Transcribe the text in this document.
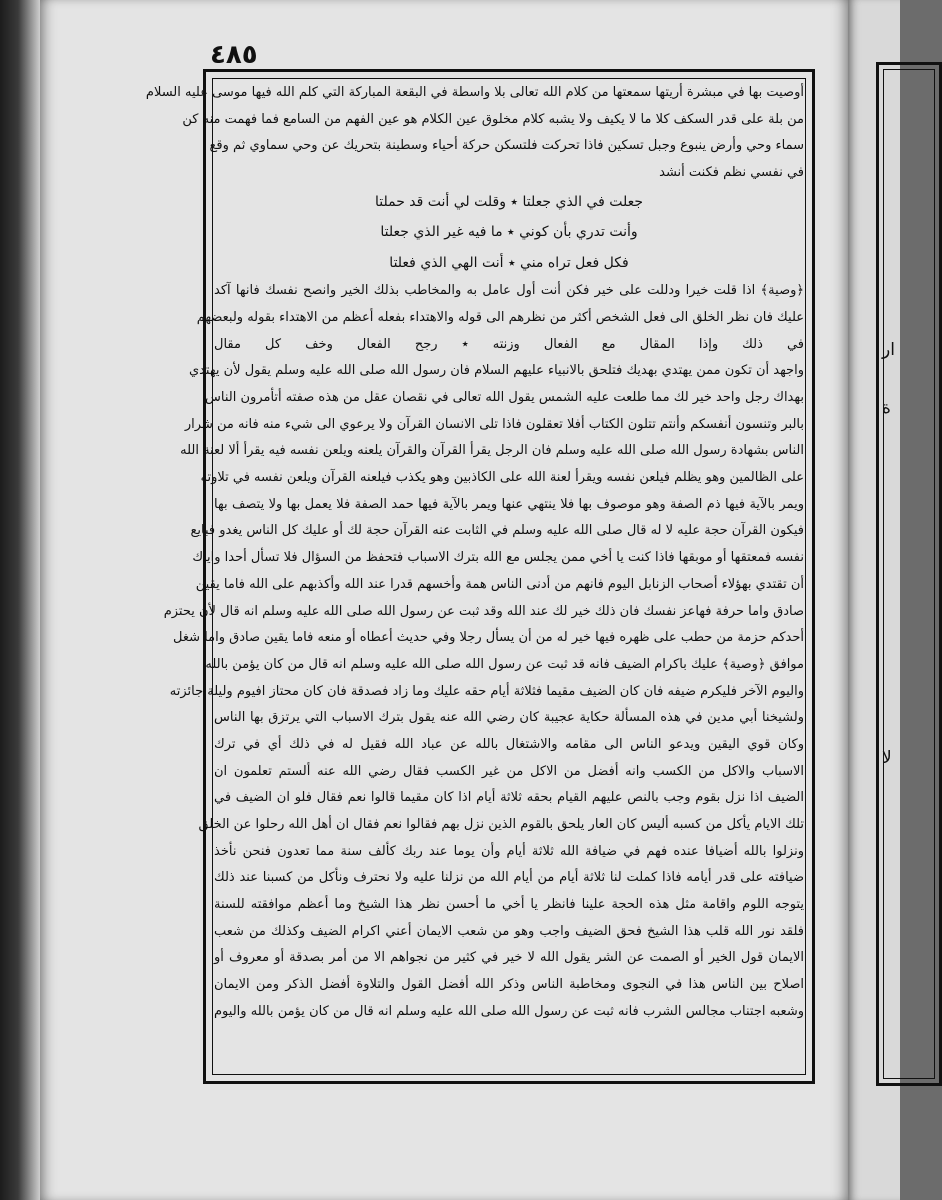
ار
ة
لا

٤٨٥

أوصيت بها في مبشرة أريتها سمعتها من كلام الله تعالى بلا واسطة في البقعة المباركة التي كلم الله فيها موسى عليه السلام

من بلة على قدر السكف كلا ما لا يكيف ولا يشبه كلام مخلوق عين الكلام هو عين الفهم من السامع فما فهمت منه كن

سماء وحي وأرض ينبوع وجبل تسكين فاذا تحركت فلتسكن حركة أحياء وسطينة بتحريك عن وحي سماوي ثم وقع

في نفسي نظم فكنت أنشد

جعلت في الذي جعلتا ٭ وقلت لي أنت قد حملتا

وأنت تدري بأن كوني ٭ ما فيه غير الذي جعلتا

فكل فعل تراه مني ٭ أنت الهي الذي فعلتا

﴿وصية﴾ اذا قلت خيرا ودللت على خير فكن أنت أول عامل به والمخاطب بذلك الخير وانصح نفسك فانها آكد

عليك فان نظر الخلق الى فعل الشخص أكثر من نظرهم الى قوله والاهتداء بفعله أعظم من الاهتداء بقوله ولبعضهم

في ذلك وإذا المقال مع الفعال وزنته ٭ رجح الفعال وخف كل مقال

واجهد أن تكون ممن يهتدي بهديك فتلحق بالانبياء عليهم السلام فان رسول الله صلى الله عليه وسلم يقول لأن يهتدي

بهداك رجل واحد خير لك مما طلعت عليه الشمس يقول الله تعالى في نقصان عقل من هذه صفته أتأمرون الناس

بالبر وتنسون أنفسكم وأنتم تتلون الكتاب أفلا تعقلون فاذا تلى الانسان القرآن ولا يرعوي الى شيء منه فانه من شرار

الناس بشهادة رسول الله صلى الله عليه وسلم فان الرجل يقرأ القرآن والقرآن يلعنه ويلعن نفسه فيه يقرأ ألا لعنة الله

على الظالمين وهو يظلم فيلعن نفسه ويقرأ لعنة الله على الكاذبين وهو يكذب فيلعنه القرآن ويلعن نفسه في تلاوته

ويمر بالآية فيها ذم الصفة وهو موصوف بها فلا ينتهي عنها ويمر بالآية فيها حمد الصفة فلا يعمل بها ولا يتصف بها

فيكون القرآن حجة عليه لا له قال صلى الله عليه وسلم في الثابت عنه القرآن حجة لك أو عليك كل الناس يغدو فبايع

نفسه فمعتقها أو موبقها فاذا كنت يا أخي ممن يجلس مع الله بترك الاسباب فتحفظ من السؤال فلا تسأل أحدا واياك

أن تقتدي بهؤلاء أصحاب الزنابل اليوم فانهم من أدنى الناس همة وأخسهم قدرا عند الله وأكذبهم على الله فاما يقين

صادق واما حرفة فهاعز نفسك فان ذلك خير لك عند الله وقد ثبت عن رسول الله صلى الله عليه وسلم انه قال لأن يحتزم

أحدكم حزمة من حطب على ظهره فيها خير له من أن يسأل رجلا وفي حديث أعطاه أو منعه فاما يقين صادق واما شغل

موافق ﴿وصية﴾ عليك باكرام الضيف فانه قد ثبت عن رسول الله صلى الله عليه وسلم انه قال من كان يؤمن بالله

واليوم الآخر فليكرم ضيفه فان كان الضيف مقيما فثلاثة أيام حقه عليك وما زاد فصدقة فان كان محتاز افيوم وليلة جائزته

ولشيخنا أبي مدين في هذه المسألة حكاية عجيبة كان رضي الله عنه يقول بترك الاسباب التي يرتزق بها الناس

وكان قوي اليقين ويدعو الناس الى مقامه والاشتغال بالله عن عباد الله فقيل له في ذلك أي في ترك

الاسباب والاكل من الكسب وانه أفضل من الاكل من غير الكسب فقال رضي الله عنه ألستم تعلمون ان

الضيف اذا نزل بقوم وجب بالنص عليهم القيام بحقه ثلاثة أيام اذا كان مقيما قالوا نعم فقال فلو ان الضيف في

تلك الايام يأكل من كسبه أليس كان العار يلحق بالقوم الذين نزل بهم فقالوا نعم فقال ان أهل الله رحلوا عن الخلق

ونزلوا بالله أضيافا عنده فهم في ضيافة الله ثلاثة أيام وأن يوما عند ربك كألف سنة مما تعدون فنحن نأخذ

ضيافته على قدر أيامه فاذا كملت لنا ثلاثة أيام من أيام الله من نزلنا عليه ولا نحترف ونأكل من كسبنا عند ذلك

يتوجه اللوم واقامة مثل هذه الحجة علينا فانظر يا أخي ما أحسن نظر هذا الشيخ وما أعظم موافقته للسنة

فلقد نور الله قلب هذا الشيخ فحق الضيف واجب وهو من شعب الايمان أعني اكرام الضيف وكذلك من شعب

الايمان قول الخير أو الصمت عن الشر يقول الله لا خير في كثير من نجواهم الا من أمر بصدقة أو معروف أو

اصلاح بين الناس هذا في النجوى ومخاطبة الناس وذكر الله أفضل القول والتلاوة أفضل الذكر ومن الايمان

وشعبه اجتناب مجالس الشرب فانه ثبت عن رسول الله صلى الله عليه وسلم انه قال من كان يؤمن بالله واليوم
